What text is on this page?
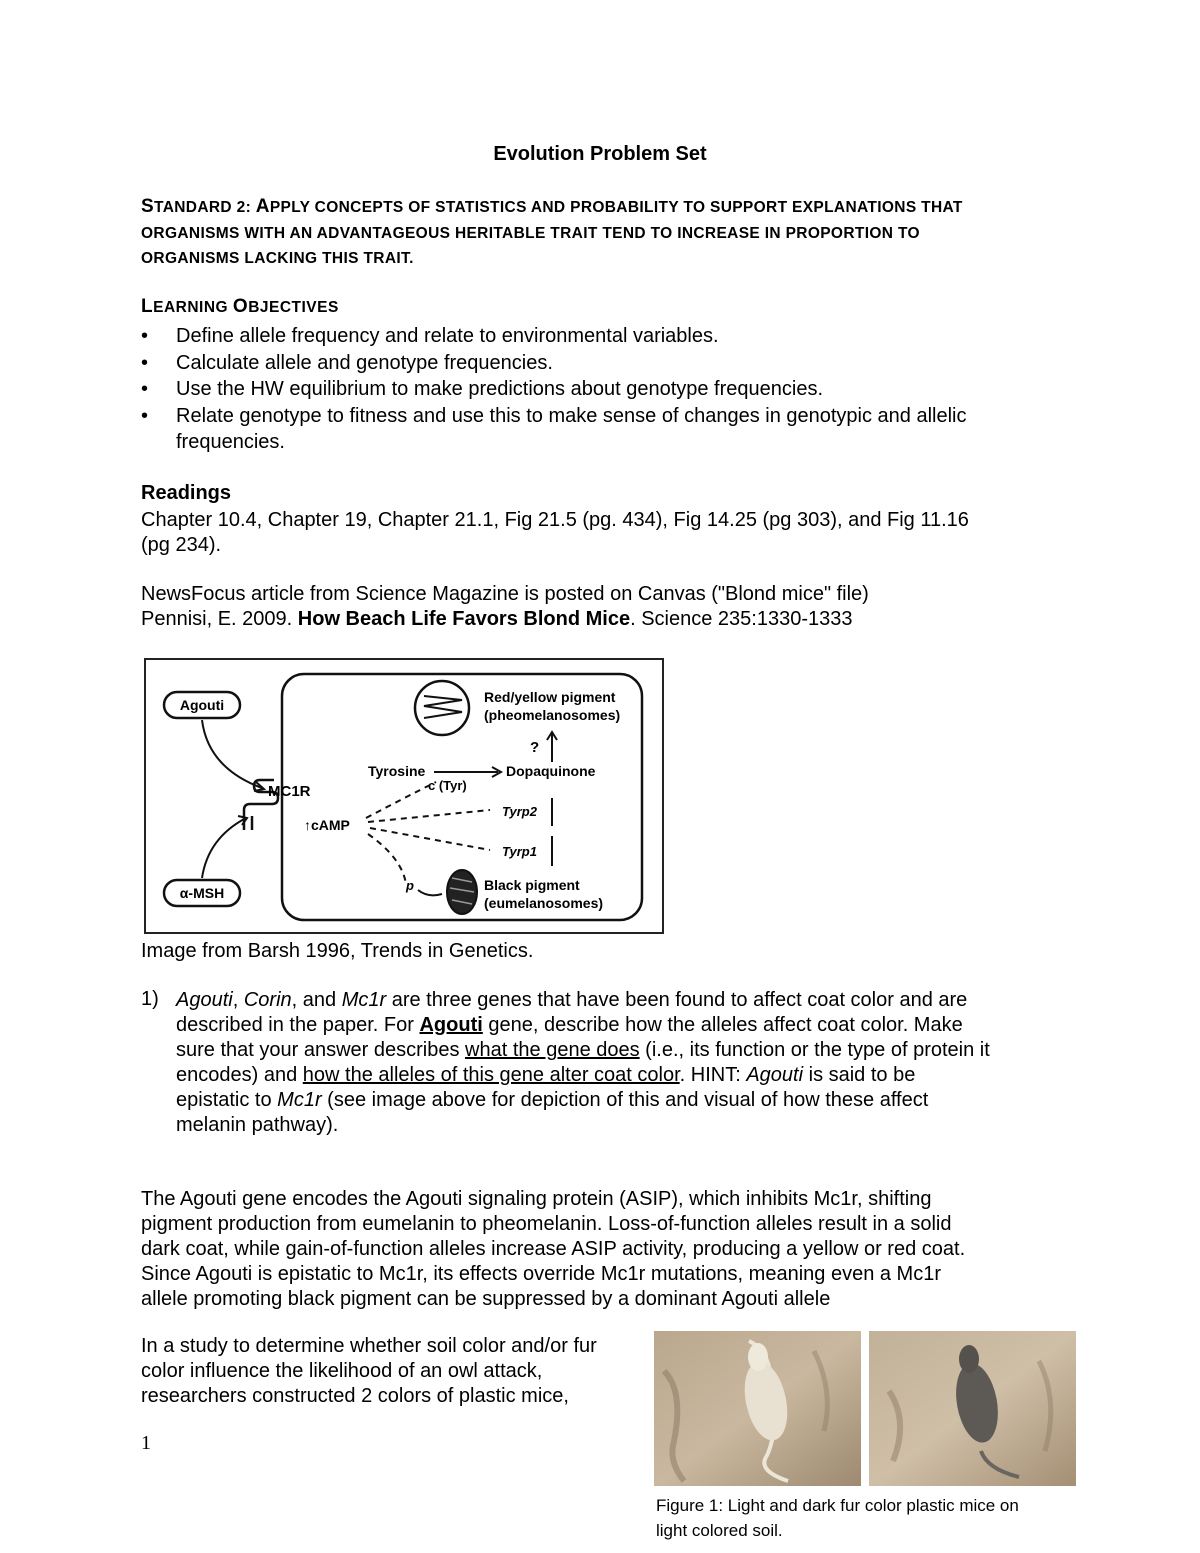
Evolution Problem Set
STANDARD 2: APPLY CONCEPTS OF STATISTICS AND PROBABILITY TO SUPPORT EXPLANATIONS THAT
ORGANISMS WITH AN ADVANTAGEOUS HERITABLE TRAIT TEND TO INCREASE IN PROPORTION TO
ORGANISMS LACKING THIS TRAIT.
LEARNING OBJECTIVES
• Define allele frequency and relate to environmental variables.
• Calculate allele and genotype frequencies.
• Use the HW equilibrium to make predictions about genotype frequencies.
• Relate genotype to fitness and use this to make sense of changes in genotypic and allelic
frequencies.
Readings
Chapter 10.4, Chapter 19, Chapter 21.1, Fig 21.5 (pg. 434), Fig 14.25 (pg 303), and Fig 11.16
(pg 234).
NewsFocus article from Science Magazine is posted on Canvas ("Blond mice" file)
Pennisi, E. 2009. How Beach Life Favors Blond Mice. Science 235:1330-1333
Agouti
α-MSH
MC1R
↑cAMP
Red/yellow pigment
(pheomelanosomes)
?
Tyrosine	Dopaquinone
c (Tyr)
Tyrp2
Tyrp1
p	Black pigment
(eumelanosomes)
Image from Barsh 1996, Trends in Genetics.
1) Agouti, Corin, and Mc1r are three genes that have been found to affect coat color and are
described in the paper. For Agouti gene, describe how the alleles affect coat color. Make
sure that your answer describes what the gene does (i.e., its function or the type of protein it
encodes) and how the alleles of this gene alter coat color. HINT: Agouti is said to be
epistatic to Mc1r (see image above for depiction of this and visual of how these affect
melanin pathway).
The Agouti gene encodes the Agouti signaling protein (ASIP), which inhibits Mc1r, shifting
pigment production from eumelanin to pheomelanin. Loss-of-function alleles result in a solid
dark coat, while gain-of-function alleles increase ASIP activity, producing a yellow or red coat.
Since Agouti is epistatic to Mc1r, its effects override Mc1r mutations, meaning even a Mc1r
allele promoting black pigment can be suppressed by a dominant Agouti allele
In a study to determine whether soil color and/or fur
color influence the likelihood of an owl attack,
researchers constructed 2 colors of plastic mice,
1
Figure 1: Light and dark fur color plastic mice on
light colored soil.
